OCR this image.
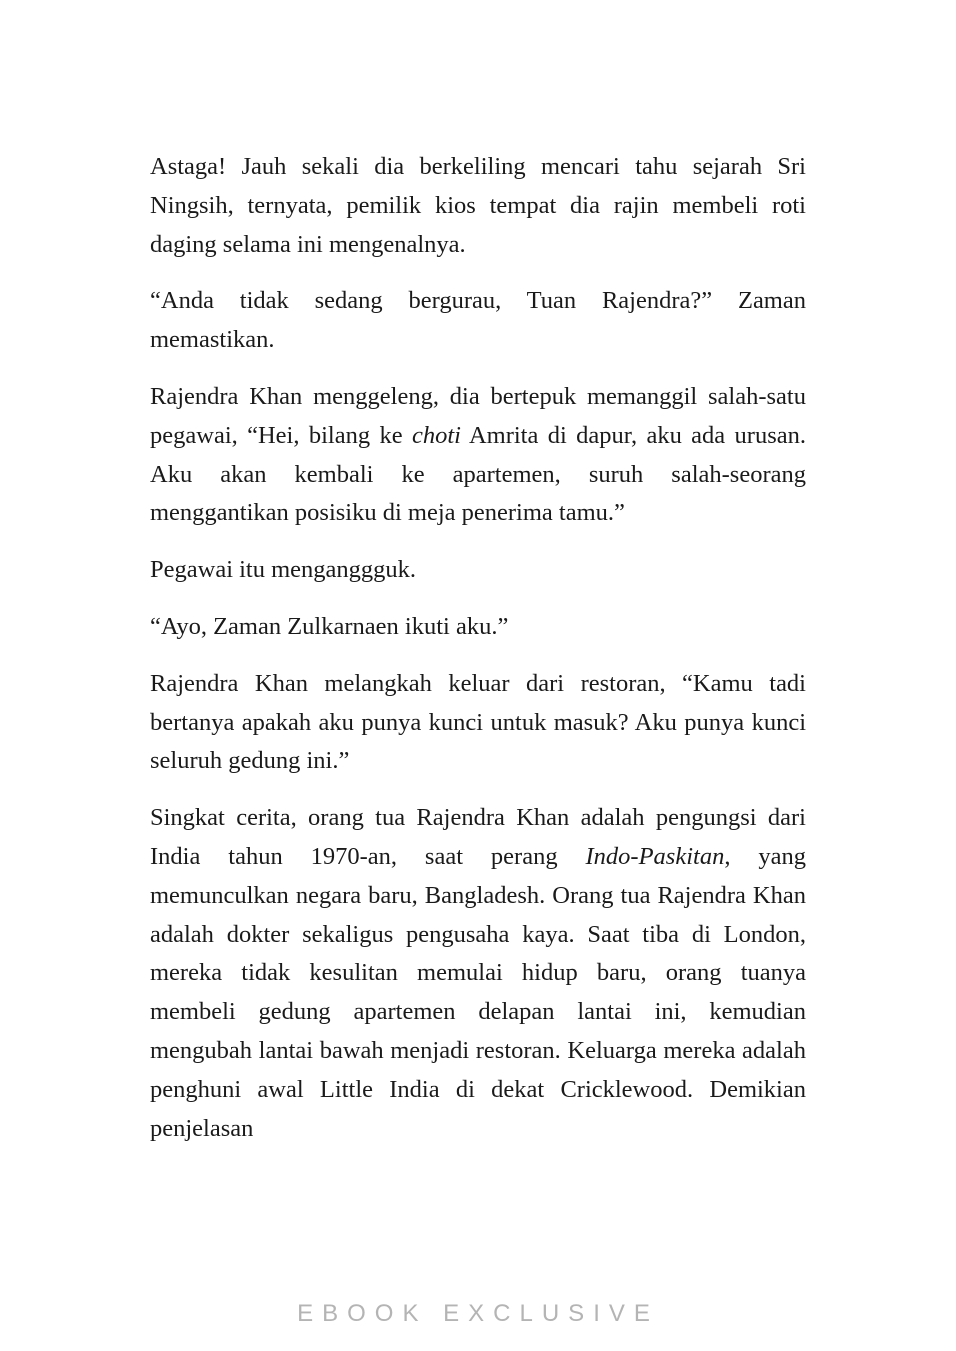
Astaga! Jauh sekali dia berkeliling mencari tahu sejarah Sri Ningsih, ternyata, pemilik kios tempat dia rajin membeli roti daging selama ini mengenalnya.

“Anda tidak sedang bergurau, Tuan Rajendra?” Zaman memastikan.

Rajendra Khan menggeleng, dia bertepuk memanggil salah-satu pegawai, “Hei, bilang ke choti Amrita di dapur, aku ada urusan. Aku akan kembali ke apartemen, suruh salah-seorang menggantikan posisiku di meja penerima tamu.”

Pegawai itu menganggguk.

“Ayo, Zaman Zulkarnaen ikuti aku.”

Rajendra Khan melangkah keluar dari restoran, “Kamu tadi bertanya apakah aku punya kunci untuk masuk? Aku punya kunci seluruh gedung ini.”

Singkat cerita, orang tua Rajendra Khan adalah pengungsi dari India tahun 1970-an, saat perang Indo-Paskitan, yang memunculkan negara baru, Bangladesh. Orang tua Rajendra Khan adalah dokter sekaligus pengusaha kaya. Saat tiba di London, mereka tidak kesulitan memulai hidup baru, orang tuanya membeli gedung apartemen delapan lantai ini, kemudian mengubah lantai bawah menjadi restoran. Keluarga mereka adalah penghuni awal Little India di dekat Cricklewood. Demikian penjelasan

EBOOK EXCLUSIVE
